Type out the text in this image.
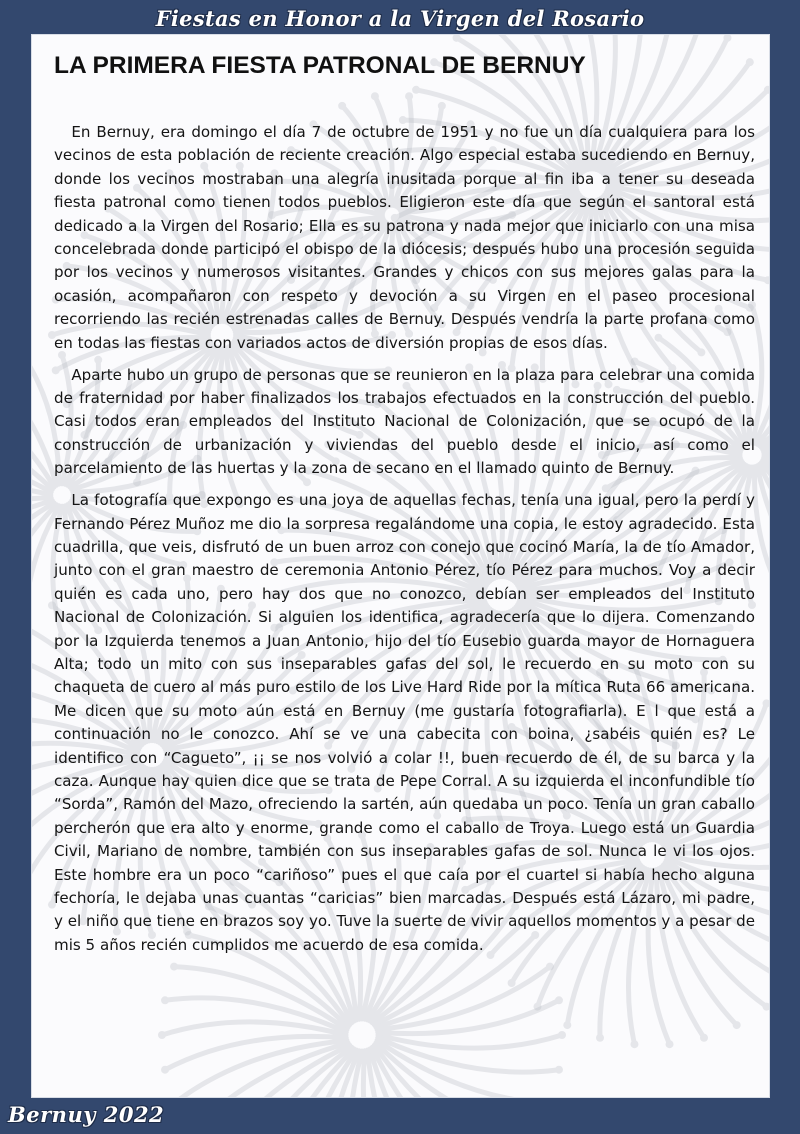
Fiestas en Honor a la Virgen del Rosario
LA PRIMERA FIESTA PATRONAL DE BERNUY

En Bernuy, era domingo el día 7 de octubre de 1951 y no fue un día cualquiera para los vecinos de esta población de reciente creación. Algo especial estaba sucediendo en Bernuy, donde los vecinos mostraban una alegría inusitada porque al fin iba a tener su deseada fiesta patronal como tienen todos pueblos. Eligieron este día que según el santoral está dedicado a la Virgen del Rosario; Ella es su patrona y nada mejor que iniciarlo con una misa concelebrada donde participó el obispo de la diócesis; después hubo una procesión seguida por los vecinos y numerosos visitantes. Grandes y chicos con sus mejores galas para la ocasión, acompañaron con respeto y devoción a su Virgen en el paseo procesional recorriendo las recién estrenadas calles de Bernuy. Después vendría la parte profana como en todas las fiestas con variados actos de diversión propias de esos días.

Aparte hubo un grupo de personas que se reunieron en la plaza para celebrar una comida de fraternidad por haber finalizados los trabajos efectuados en la construcción del pueblo. Casi todos eran empleados del Instituto Nacional de Colonización, que se ocupó de la construcción de urbanización y viviendas del pueblo desde el inicio, así como el parcelamiento de las huertas y la zona de secano en el llamado quinto de Bernuy.

La fotografía que expongo es una joya de aquellas fechas, tenía una igual, pero la perdí y Fernando Pérez Muñoz me dio la sorpresa regalándome una copia, le estoy agradecido. Esta cuadrilla, que veis, disfrutó de un buen arroz con conejo que cocinó María, la de tío Amador, junto con el gran maestro de ceremonia Antonio Pérez, tío Pérez para muchos. Voy a decir quién es cada uno, pero hay dos que no conozco, debían ser empleados del Instituto Nacional de Colonización. Si alguien los identifica, agradecería que lo dijera. Comenzando por la Izquierda tenemos a Juan Antonio, hijo del tío Eusebio guarda mayor de Hornaguera Alta; todo un mito con sus inseparables gafas del sol, le recuerdo en su moto con su chaqueta de cuero al más puro estilo de los Live Hard Ride por la mítica Ruta 66 americana. Me dicen que su moto aún está en Bernuy (me gustaría fotografiarla). E l que está a continuación no le conozco. Ahí se ve una cabecita con boina, ¿sabéis quién es? Le identifico con “Cagueto”, ¡¡ se nos volvió a colar !!, buen recuerdo de él, de su barca y la caza. Aunque hay quien dice que se trata de Pepe Corral. A su izquierda el inconfundible tío “Sorda”, Ramón del Mazo, ofreciendo la sartén, aún quedaba un poco. Tenía un gran caballo percherón que era alto y enorme, grande como el caballo de Troya. Luego está un Guardia Civil, Mariano de nombre, también con sus inseparables gafas de sol. Nunca le vi los ojos. Este hombre era un poco “cariñoso” pues el que caía por el cuartel si había hecho alguna fechoría, le dejaba unas cuantas “caricias” bien marcadas. Después está Lázaro, mi padre, y el niño que tiene en brazos soy yo. Tuve la suerte de vivir aquellos momentos y a pesar de mis 5 años recién cumplidos me acuerdo de esa comida.

Bernuy 2022
